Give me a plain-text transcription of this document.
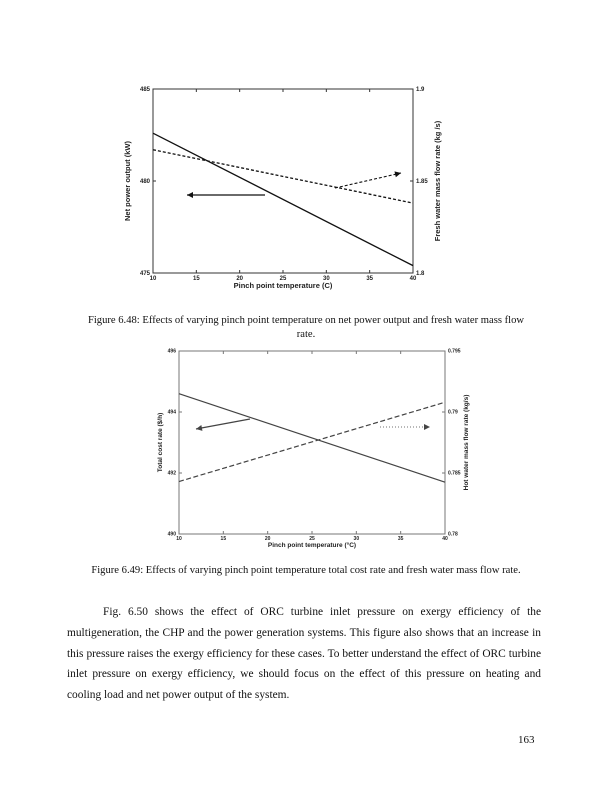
10	15	20	25	30	35	40
475
480
485
1.8
1.85
1.9
Pinch point temperature (C)
Net power output (kW)	Fresh water mass flow rate (kg /s)
Figure 6.48: Effects of varying pinch point temperature on net power output and fresh water mass flow
rate.
10	15	20	25	30	35	40
490
492
494
496
0.78
0.785
0.79
0.795
Pinch point temperature (°C)
Total cost rate ($/h)	Hot water mass flow rate (kg/s)
Figure 6.49: Effects of varying pinch point temperature total cost rate and fresh water mass flow rate.

Fig. 6.50 shows the effect of ORC turbine inlet pressure on exergy efficiency of the multigeneration, the CHP and the power generation systems. This figure also shows that an increase in this pressure raises the exergy efficiency for these cases. To better understand the effect of ORC turbine inlet pressure on exergy efficiency, we should focus on the effect of this pressure on heating and cooling load and net power output of the system.

163
